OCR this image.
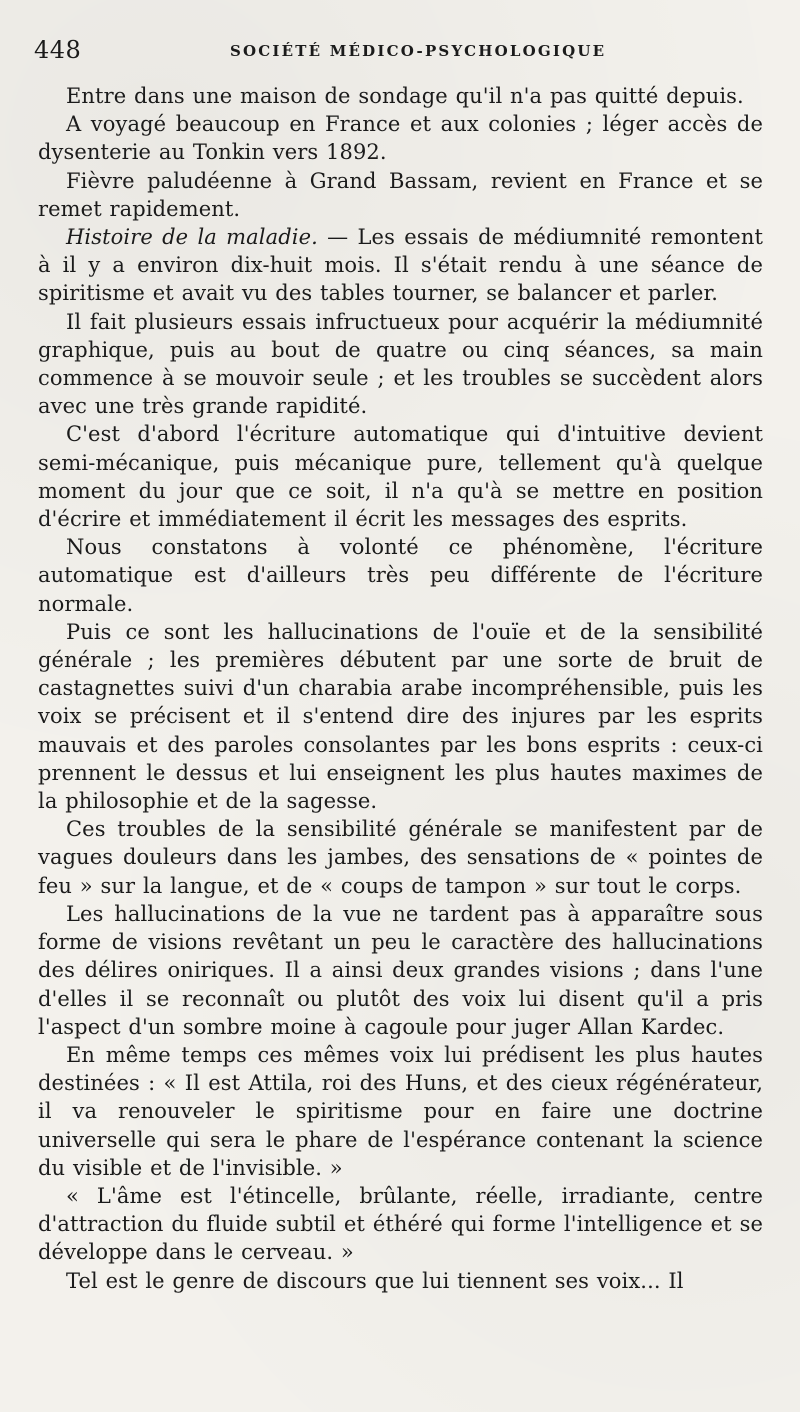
448	SOCIÉTÉ MÉDICO-PSYCHOLOGIQUE

Entre dans une maison de sondage qu'il n'a pas quitté depuis.

A voyagé beaucoup en France et aux colonies ; léger accès de dysenterie au Tonkin vers 1892.

Fièvre paludéenne à Grand Bassam, revient en France et se remet rapidement.

Histoire de la maladie. — Les essais de médiumnité remontent à il y a environ dix-huit mois. Il s'était rendu à une séance de spiritisme et avait vu des tables tourner, se balancer et parler.

Il fait plusieurs essais infructueux pour acquérir la médiumnité graphique, puis au bout de quatre ou cinq séances, sa main commence à se mouvoir seule ; et les troubles se succèdent alors avec une très grande rapidité.

C'est d'abord l'écriture automatique qui d'intuitive devient semi-mécanique, puis mécanique pure, tellement qu'à quelque moment du jour que ce soit, il n'a qu'à se mettre en position d'écrire et immédiatement il écrit les messages des esprits.

Nous constatons à volonté ce phénomène, l'écriture automatique est d'ailleurs très peu différente de l'écriture normale.

Puis ce sont les hallucinations de l'ouïe et de la sensibilité générale ; les premières débutent par une sorte de bruit de castagnettes suivi d'un charabia arabe incompréhensible, puis les voix se précisent et il s'entend dire des injures par les esprits mauvais et des paroles consolantes par les bons esprits : ceux-ci prennent le dessus et lui enseignent les plus hautes maximes de la philosophie et de la sagesse.

Ces troubles de la sensibilité générale se manifestent par de vagues douleurs dans les jambes, des sensations de « pointes de feu » sur la langue, et de « coups de tampon » sur tout le corps.

Les hallucinations de la vue ne tardent pas à apparaître sous forme de visions revêtant un peu le caractère des hallucinations des délires oniriques. Il a ainsi deux grandes visions ; dans l'une d'elles il se reconnaît ou plutôt des voix lui disent qu'il a pris l'aspect d'un sombre moine à cagoule pour juger Allan Kardec.

En même temps ces mêmes voix lui prédisent les plus hautes destinées : « Il est Attila, roi des Huns, et des cieux régénérateur, il va renouveler le spiritisme pour en faire une doctrine universelle qui sera le phare de l'espérance contenant la science du visible et de l'invisible. »

« L'âme est l'étincelle, brûlante, réelle, irradiante, centre d'attraction du fluide subtil et éthéré qui forme l'intelligence et se développe dans le cerveau. »

Tel est le genre de discours que lui tiennent ses voix... Il
